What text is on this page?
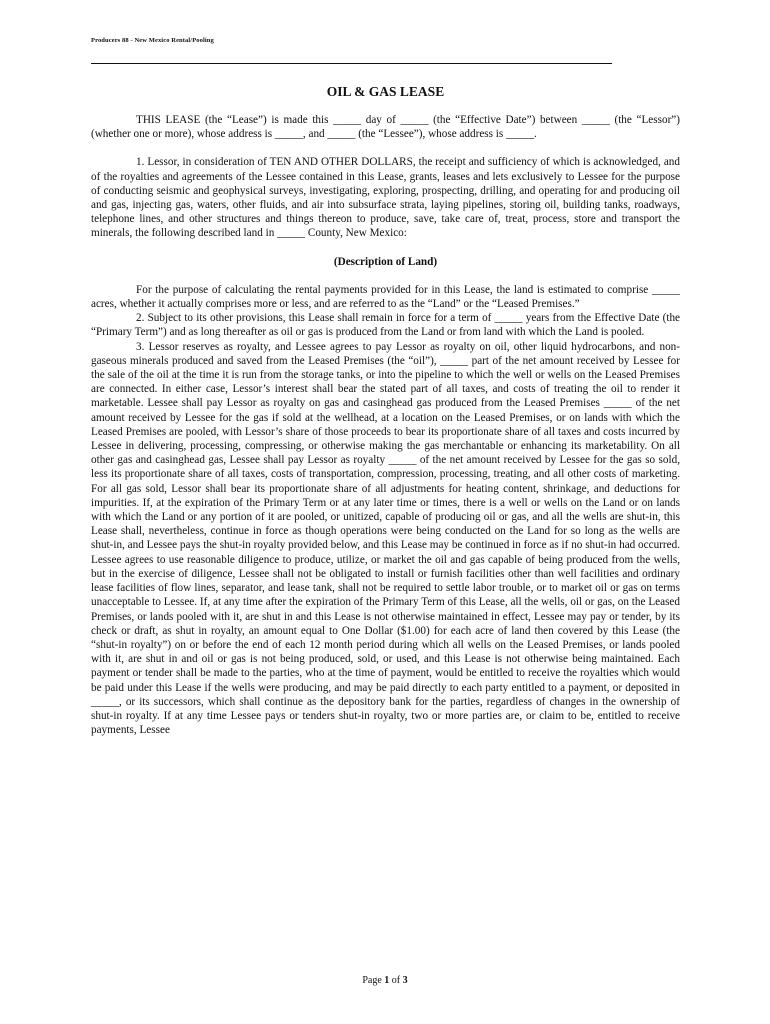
Producers 88 - New Mexico Rental/Pooling
OIL & GAS LEASE

THIS LEASE (the “Lease”) is made this _____ day of _____ (the “Effective Date”) between _____ (the “Lessor”)(whether one or more), whose address is _____, and _____ (the “Lessee”), whose address is _____.

1. Lessor, in consideration of TEN AND OTHER DOLLARS, the receipt and sufficiency of which is acknowledged, and of the royalties and agreements of the Lessee contained in this Lease, grants, leases and lets exclusively to Lessee for the purpose of conducting seismic and geophysical surveys, investigating, exploring, prospecting, drilling, and operating for and producing oil and gas, injecting gas, waters, other fluids, and air into subsurface strata, laying pipelines, storing oil, building tanks, roadways, telephone lines, and other structures and things thereon to produce, save, take care of, treat, process, store and transport the minerals, the following described land in _____ County, New Mexico:

(Description of Land)

For the purpose of calculating the rental payments provided for in this Lease, the land is estimated to comprise _____ acres, whether it actually comprises more or less, and are referred to as the “Land” or the “Leased Premises.”

2. Subject to its other provisions, this Lease shall remain in force for a term of _____ years from the Effective Date (the “Primary Term”) and as long thereafter as oil or gas is produced from the Land or from land with which the Land is pooled.

3. Lessor reserves as royalty, and Lessee agrees to pay Lessor as royalty on oil, other liquid hydrocarbons, and non-gaseous minerals produced and saved from the Leased Premises (the “oil”), _____ part of the net amount received by Lessee for the sale of the oil at the time it is run from the storage tanks, or into the pipeline to which the well or wells on the Leased Premises are connected. In either case, Lessor’s interest shall bear the stated part of all taxes, and costs of treating the oil to render it marketable. Lessee shall pay Lessor as royalty on gas and casinghead gas produced from the Leased Premises _____ of the net amount received by Lessee for the gas if sold at the wellhead, at a location on the Leased Premises, or on lands with which the Leased Premises are pooled, with Lessor’s share of those proceeds to bear its proportionate share of all taxes and costs incurred by Lessee in delivering, processing, compressing, or otherwise making the gas merchantable or enhancing its marketability. On all other gas and casinghead gas, Lessee shall pay Lessor as royalty _____ of the net amount received by Lessee for the gas so sold, less its proportionate share of all taxes, costs of transportation, compression, processing, treating, and all other costs of marketing. For all gas sold, Lessor shall bear its proportionate share of all adjustments for heating content, shrinkage, and deductions for impurities. If, at the expiration of the Primary Term or at any later time or times, there is a well or wells on the Land or on lands with which the Land or any portion of it are pooled, or unitized, capable of producing oil or gas, and all the wells are shut-in, this Lease shall, nevertheless, continue in force as though operations were being conducted on the Land for so long as the wells are shut-in, and Lessee pays the shut-in royalty provided below, and this Lease may be continued in force as if no shut-in had occurred. Lessee agrees to use reasonable diligence to produce, utilize, or market the oil and gas capable of being produced from the wells, but in the exercise of diligence, Lessee shall not be obligated to install or furnish facilities other than well facilities and ordinary lease facilities of flow lines, separator, and lease tank, shall not be required to settle labor trouble, or to market oil or gas on terms unacceptable to Lessee. If, at any time after the expiration of the Primary Term of this Lease, all the wells, oil or gas, on the Leased Premises, or lands pooled with it, are shut in and this Lease is not otherwise maintained in effect, Lessee may pay or tender, by its check or draft, as shut in royalty, an amount equal to One Dollar ($1.00) for each acre of land then covered by this Lease (the “shut-in royalty”) on or before the end of each 12 month period during which all wells on the Leased Premises, or lands pooled with it, are shut in and oil or gas is not being produced, sold, or used, and this Lease is not otherwise being maintained. Each payment or tender shall be made to the parties, who at the time of payment, would be entitled to receive the royalties which would be paid under this Lease if the wells were producing, and may be paid directly to each party entitled to a payment, or deposited in _____, or its successors, which shall continue as the depository bank for the parties, regardless of changes in the ownership of shut-in royalty. If at any time Lessee pays or tenders shut-in royalty, two or more parties are, or claim to be, entitled to receive payments, Lessee

Page 1 of 3
